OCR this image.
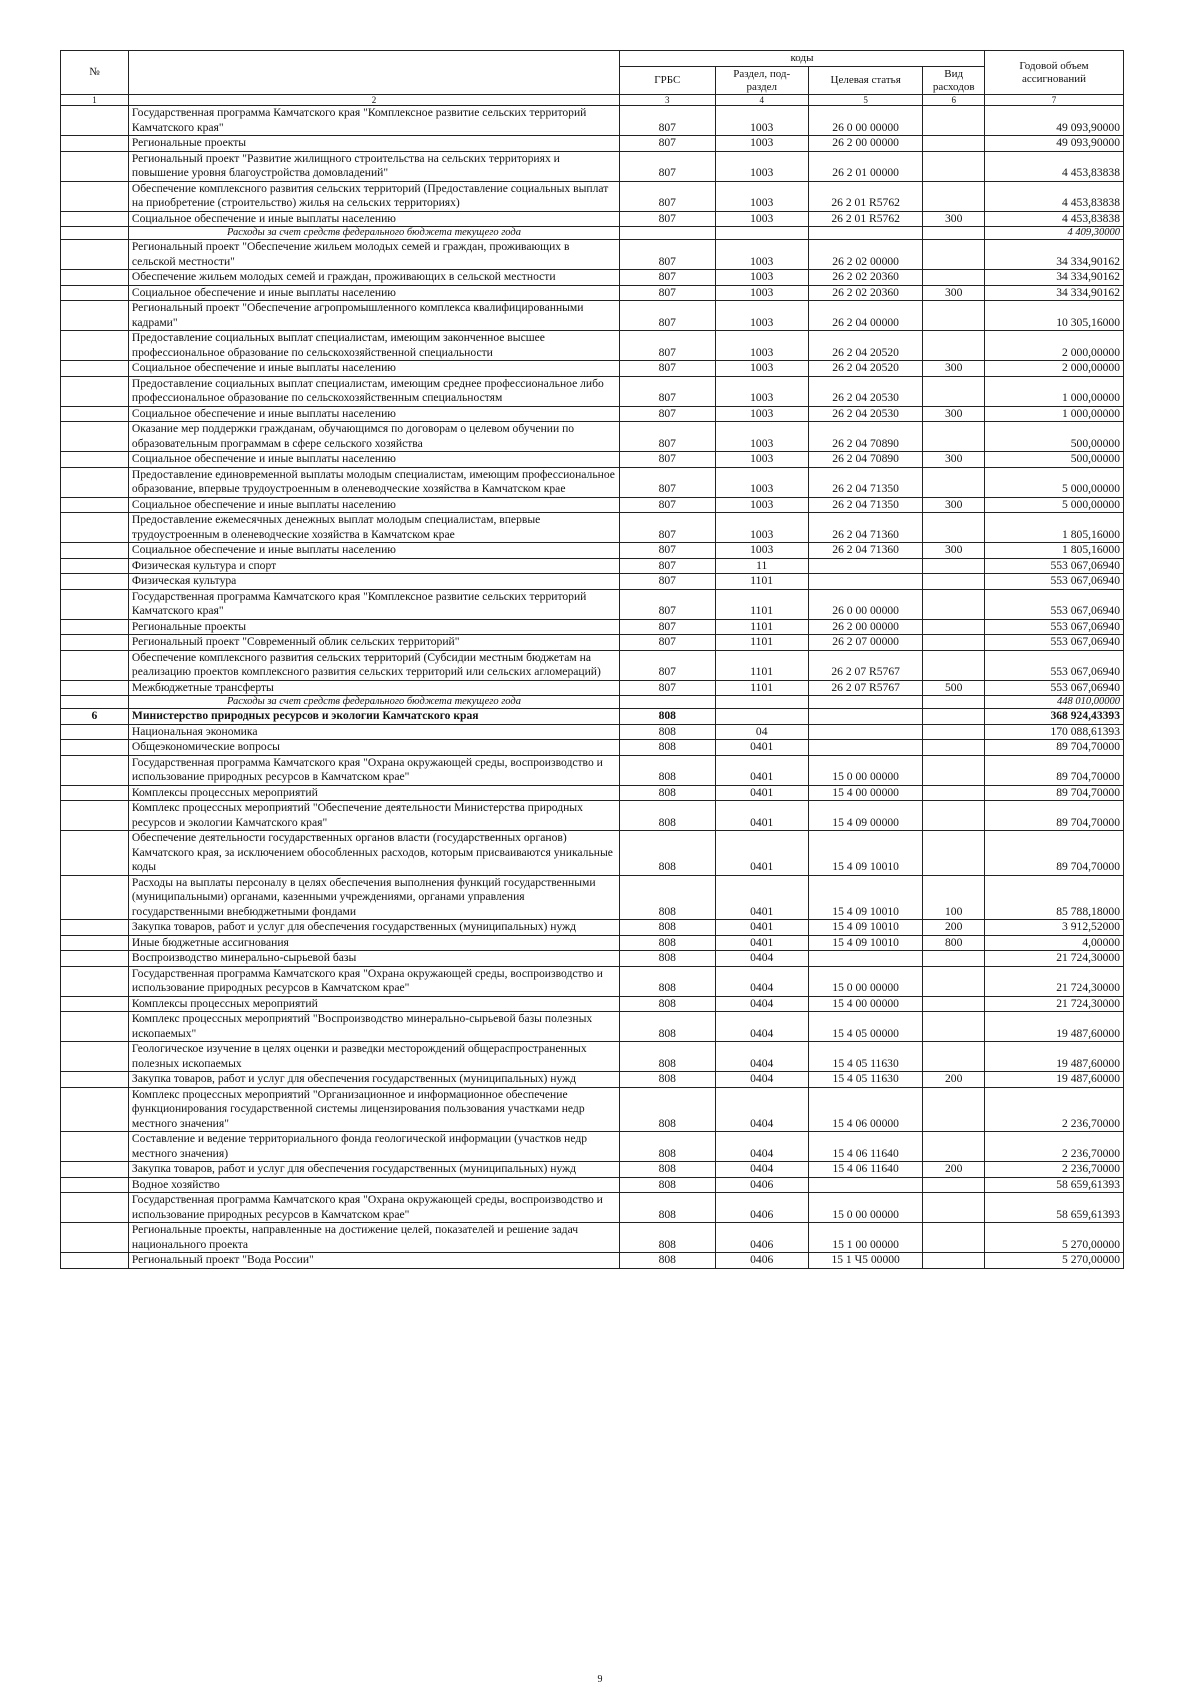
№		коды				Годовой объем ассигнований
		ГРБС	Раздел, под-раздел	Целевая статья	Вид расходов	
1	2	3	4	5	6	7
	Государственная программа Камчатского края "Комплексное развитие сельских территорий Камчатского края"	807	1003	26 0 00 00000		49 093,90000
	Региональные проекты	807	1003	26 2 00 00000		49 093,90000
	Региональный проект "Развитие жилищного строительства на сельских территориях и повышение уровня благоустройства домовладений"	807	1003	26 2 01 00000		4 453,83838
	Обеспечение комплексного развития сельских территорий (Предоставление социальных выплат на приобретение (строительство) жилья на сельских территориях)	807	1003	26 2 01 R5762		4 453,83838
	Социальное обеспечение и иные выплаты населению	807	1003	26 2 01 R5762	300	4 453,83838
	Расходы за счет средств федерального бюджета текущего года					4 409,30000
	Региональный проект "Обеспечение жильем молодых семей и граждан, проживающих в сельской местности"	807	1003	26 2 02 00000		34 334,90162
	Обеспечение жильем молодых семей и граждан, проживающих в сельской местности	807	1003	26 2 02 20360		34 334,90162
	Социальное обеспечение и иные выплаты населению	807	1003	26 2 02 20360	300	34 334,90162
	Региональный проект "Обеспечение агропромышленного комплекса квалифицированными кадрами"	807	1003	26 2 04 00000		10 305,16000
	Предоставление социальных выплат специалистам, имеющим законченное высшее профессиональное образование по сельскохозяйственной специальности	807	1003	26 2 04 20520		2 000,00000
	Социальное обеспечение и иные выплаты населению	807	1003	26 2 04 20520	300	2 000,00000
	Предоставление социальных выплат специалистам, имеющим среднее профессиональное либо профессиональное образование по сельскохозяйственным специальностям	807	1003	26 2 04 20530		1 000,00000
	Социальное обеспечение и иные выплаты населению	807	1003	26 2 04 20530	300	1 000,00000
	Оказание мер поддержки гражданам, обучающимся по договорам о целевом обучении по образовательным программам в сфере сельского хозяйства	807	1003	26 2 04 70890		500,00000
	Социальное обеспечение и иные выплаты населению	807	1003	26 2 04 70890	300	500,00000
	Предоставление единовременной выплаты молодым специалистам, имеющим профессиональное образование, впервые трудоустроенным в оленеводческие хозяйства в Камчатском крае	807	1003	26 2 04 71350		5 000,00000
	Социальное обеспечение и иные выплаты населению	807	1003	26 2 04 71350	300	5 000,00000
	Предоставление ежемесячных денежных выплат молодым специалистам, впервые трудоустроенным в оленеводческие хозяйства в Камчатском крае	807	1003	26 2 04 71360		1 805,16000
	Социальное обеспечение и иные выплаты населению	807	1003	26 2 04 71360	300	1 805,16000
	Физическая культура и спорт	807	11			553 067,06940
	Физическая культура	807	1101			553 067,06940
	Государственная программа Камчатского края "Комплексное развитие сельских территорий Камчатского края"	807	1101	26 0 00 00000		553 067,06940
	Региональные проекты	807	1101	26 2 00 00000		553 067,06940
	Региональный проект "Современный облик сельских территорий"	807	1101	26 2 07 00000		553 067,06940
	Обеспечение комплексного развития сельских территорий (Субсидии местным бюджетам на реализацию проектов комплексного развития сельских территорий или сельских агломераций)	807	1101	26 2 07 R5767		553 067,06940
	Межбюджетные трансферты	807	1101	26 2 07 R5767	500	553 067,06940
	Расходы за счет средств федерального бюджета текущего года					448 010,00000
6	Министерство природных ресурсов и экологии Камчатского края	808				368 924,43393
	Национальная экономика	808	04			170 088,61393
	Общеэкономические вопросы	808	0401			89 704,70000
	Государственная программа Камчатского края "Охрана окружающей среды, воспроизводство и использование природных ресурсов в Камчатском крае"	808	0401	15 0 00 00000		89 704,70000
	Комплексы процессных мероприятий	808	0401	15 4 00 00000		89 704,70000
	Комплекс процессных мероприятий "Обеспечение деятельности Министерства природных ресурсов и экологии Камчатского края"	808	0401	15 4 09 00000		89 704,70000
	Обеспечение деятельности государственных органов власти (государственных органов) Камчатского края, за исключением обособленных расходов, которым присваиваются уникальные коды	808	0401	15 4 09 10010		89 704,70000
	Расходы на выплаты персоналу в целях обеспечения выполнения функций государственными (муниципальными) органами, казенными учреждениями, органами управления государственными внебюджетными фондами	808	0401	15 4 09 10010	100	85 788,18000
	Закупка товаров, работ и услуг для обеспечения государственных (муниципальных) нужд	808	0401	15 4 09 10010	200	3 912,52000
	Иные бюджетные ассигнования	808	0401	15 4 09 10010	800	4,00000
	Воспроизводство минерально-сырьевой базы	808	0404			21 724,30000
	Государственная программа Камчатского края "Охрана окружающей среды, воспроизводство и использование природных ресурсов в Камчатском крае"	808	0404	15 0 00 00000		21 724,30000
	Комплексы процессных мероприятий	808	0404	15 4 00 00000		21 724,30000
	Комплекс процессных мероприятий "Воспроизводство минерально-сырьевой базы полезных ископаемых"	808	0404	15 4 05 00000		19 487,60000
	Геологическое изучение в целях оценки и разведки месторождений общераспространенных полезных ископаемых	808	0404	15 4 05 11630		19 487,60000
	Закупка товаров, работ и услуг для обеспечения государственных (муниципальных) нужд	808	0404	15 4 05 11630	200	19 487,60000
	Комплекс процессных мероприятий "Организационное и информационное обеспечение функционирования государственной системы лицензирования пользования участками недр местного значения"	808	0404	15 4 06 00000		2 236,70000
	Составление и ведение территориального фонда геологической информации (участков недр местного значения)	808	0404	15 4 06 11640		2 236,70000
	Закупка товаров, работ и услуг для обеспечения государственных (муниципальных) нужд	808	0404	15 4 06 11640	200	2 236,70000
	Водное хозяйство	808	0406			58 659,61393
	Государственная программа Камчатского края "Охрана окружающей среды, воспроизводство и использование природных ресурсов в Камчатском крае"	808	0406	15 0 00 00000		58 659,61393
	Региональные проекты, направленные на достижение целей, показателей и решение задач национального проекта	808	0406	15 1 00 00000		5 270,00000
	Региональный проект "Вода России"	808	0406	15 1 Ч5 00000		5 270,00000
9
